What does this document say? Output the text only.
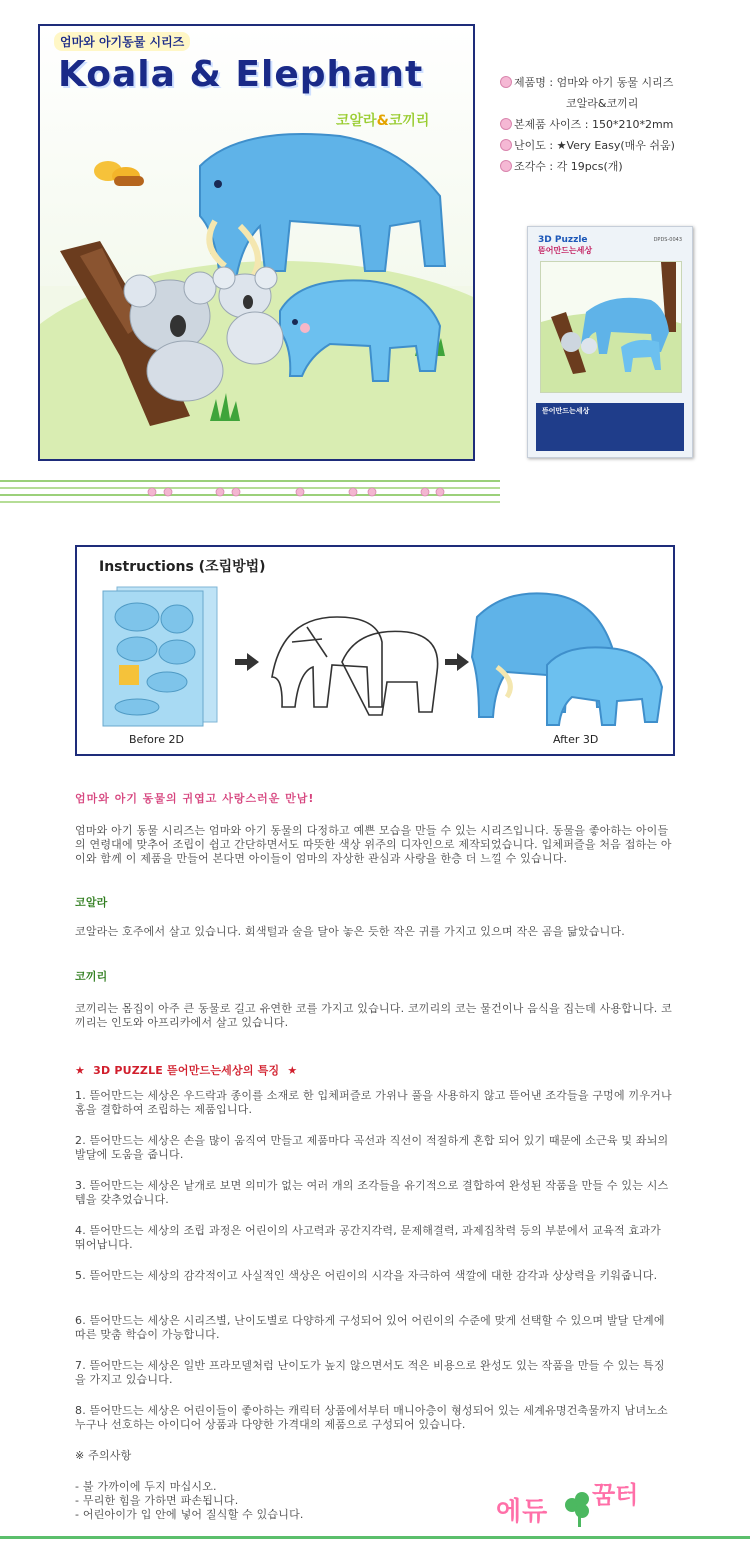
엄마와 아기동물 시리즈
Koala & Elephant
코알라&코끼리
제품명 : 엄마와 아기 동물 시리즈
코알라&코끼리
본제품 사이즈 : 150*210*2mm
난이도 : ★Very Easy(매우 쉬움)
조각수 : 각 19pcs(개)
3D Puzzle
뜯어만드는세상
DPDS-0043
뜯어만드는세상
Instructions (조립방법)
Before 2D	After 3D
엄마와 아기 동물의 귀엽고 사랑스러운 만남!
엄마와 아기 동물 시리즈는 엄마와 아기 동물의 다정하고 예쁜 모습을 만들 수 있는 시리즈입니다. 동물을 좋아하는 아이들의 연령대에 맞추어 조립이 쉽고 간단하면서도 따뜻한 색상 위주의 디자인으로 제작되었습니다. 입체퍼즐을 처음 접하는 아이와 함께 이 제품을 만들어 본다면 아이들이 엄마의 자상한 관심과 사랑을 한층 더 느낄 수 있습니다.
코알라
코알라는 호주에서 살고 있습니다. 회색털과 술을 달아 놓은 듯한 작은 귀를 가지고 있으며 작은 곰을 닮았습니다.
코끼리
코끼리는 몸집이 아주 큰 동물로 길고 유연한 코를 가지고 있습니다. 코끼리의 코는 물건이나 음식을 집는데 사용합니다. 코끼리는 인도와 아프리카에서 살고 있습니다.
★ 3D PUZZLE 뜯어만드는세상의 특징 ★
1. 뜯어만드는 세상은 우드락과 종이를 소재로 한 입체퍼즐로 가위나 풀을 사용하지 않고 뜯어낸 조각들을 구멍에 끼우거나 홈을 결합하여 조립하는 제품입니다.
2. 뜯어만드는 세상은 손을 많이 움직여 만들고 제품마다 곡선과 직선이 적절하게 혼합 되어 있기 때문에 소근육 및 좌뇌의 발달에 도움을 줍니다.
3. 뜯어만드는 세상은 낱개로 보면 의미가 없는 여러 개의 조각들을 유기적으로 결합하여 완성된 작품을 만들 수 있는 시스템을 갖추었습니다.
4. 뜯어만드는 세상의 조립 과정은 어린이의 사고력과 공간지각력, 문제해결력, 과제집착력 등의 부분에서 교육적 효과가 뛰어납니다.
5. 뜯어만드는 세상의 감각적이고 사실적인 색상은 어린이의 시각을 자극하여 색깔에 대한 감각과 상상력을 키워줍니다.
6. 뜯어만드는 세상은 시리즈별, 난이도별로 다양하게 구성되어 있어 어린이의 수준에 맞게 선택할 수 있으며 발달 단계에 따른 맞춤 학습이 가능합니다.
7. 뜯어만드는 세상은 일반 프라모델처럼 난이도가 높지 않으면서도 적은 비용으로 완성도 있는 작품을 만들 수 있는 특징을 가지고 있습니다.
8. 뜯어만드는 세상은 어린이들이 좋아하는 캐릭터 상품에서부터 매니아층이 형성되어 있는 세계유명건축물까지 남녀노소 누구나 선호하는 아이디어 상품과 다양한 가격대의 제품으로 구성되어 있습니다.
※ 주의사항
- 불 가까이에 두지 마십시오.
- 무리한 힘을 가하면 파손됩니다.
- 어린아이가 입 안에 넣어 질식할 수 있습니다.	에듀
꿈터
